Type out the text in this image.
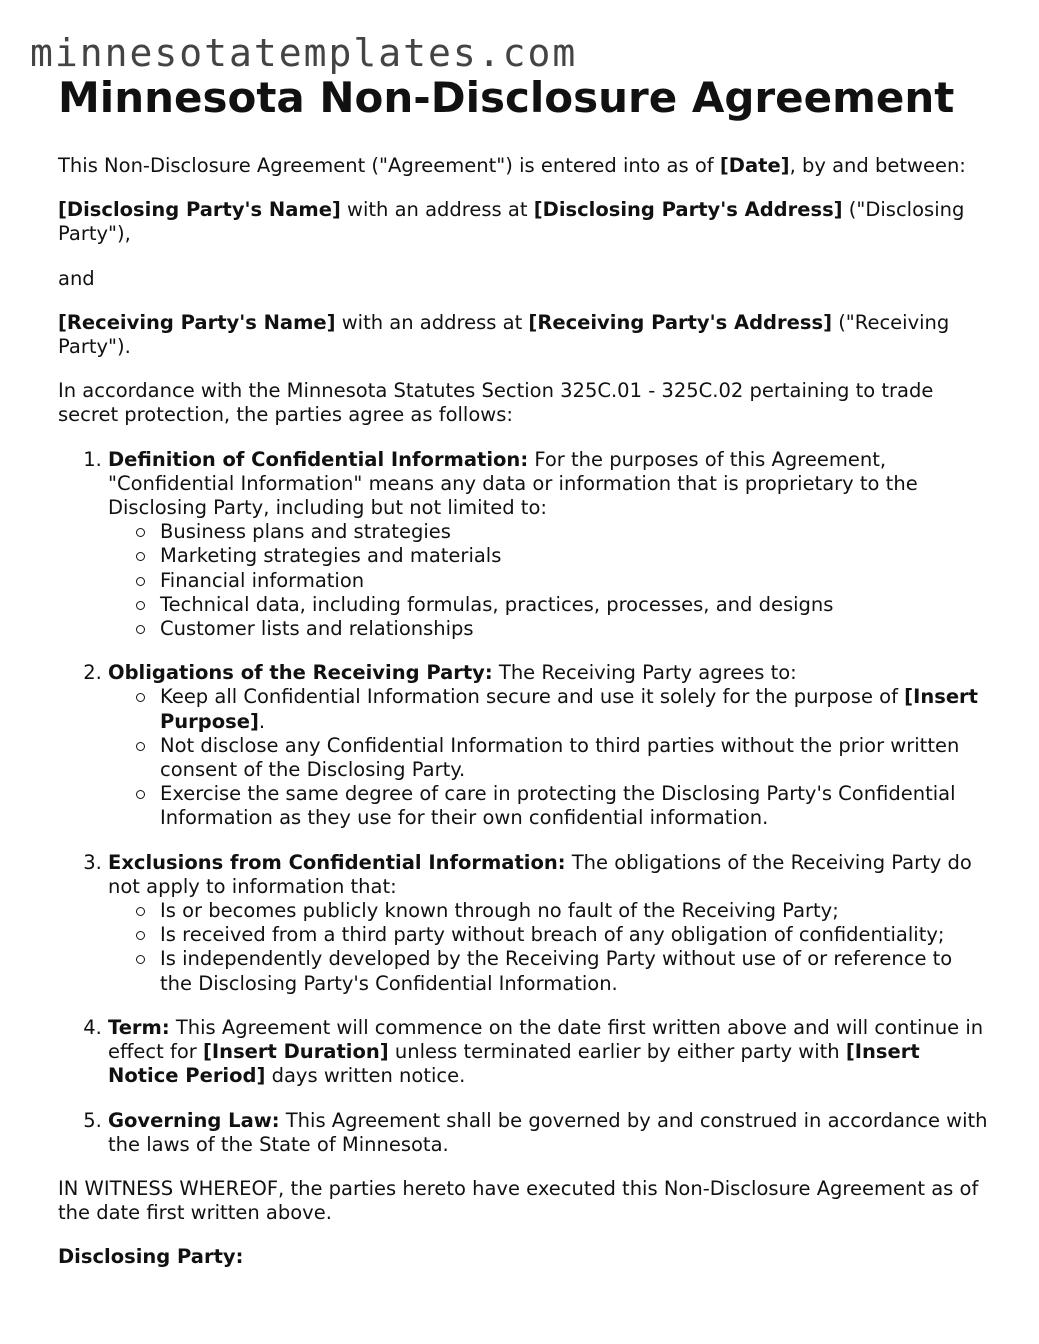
minnesotatemplates.com
Minnesota Non-Disclosure Agreement

This Non-Disclosure Agreement ("Agreement") is entered into as of [Date], by and between:

[Disclosing Party's Name] with an address at [Disclosing Party's Address] ("Disclosing Party"),

and

[Receiving Party's Name] with an address at [Receiving Party's Address] ("Receiving Party").

In accordance with the Minnesota Statutes Section 325C.01 - 325C.02 pertaining to trade secret protection, the parties agree as follows:

1. Definition of Confidential Information: For the purposes of this Agreement, "Confidential Information" means any data or information that is proprietary to the Disclosing Party, including but not limited to:
Business plans and strategies
Marketing strategies and materials
Financial information
Technical data, including formulas, practices, processes, and designs
Customer lists and relationships
2. Obligations of the Receiving Party: The Receiving Party agrees to:
Keep all Confidential Information secure and use it solely for the purpose of [Insert Purpose].
Not disclose any Confidential Information to third parties without the prior written consent of the Disclosing Party.
Exercise the same degree of care in protecting the Disclosing Party's Confidential Information as they use for their own confidential information.
3. Exclusions from Confidential Information: The obligations of the Receiving Party do not apply to information that:
Is or becomes publicly known through no fault of the Receiving Party;
Is received from a third party without breach of any obligation of confidentiality;
Is independently developed by the Receiving Party without use of or reference to the Disclosing Party's Confidential Information.
4. Term: This Agreement will commence on the date first written above and will continue in effect for [Insert Duration] unless terminated earlier by either party with [Insert Notice Period] days written notice.
5. Governing Law: This Agreement shall be governed by and construed in accordance with the laws of the State of Minnesota.

IN WITNESS WHEREOF, the parties hereto have executed this Non-Disclosure Agreement as of the date first written above.

Disclosing Party:
